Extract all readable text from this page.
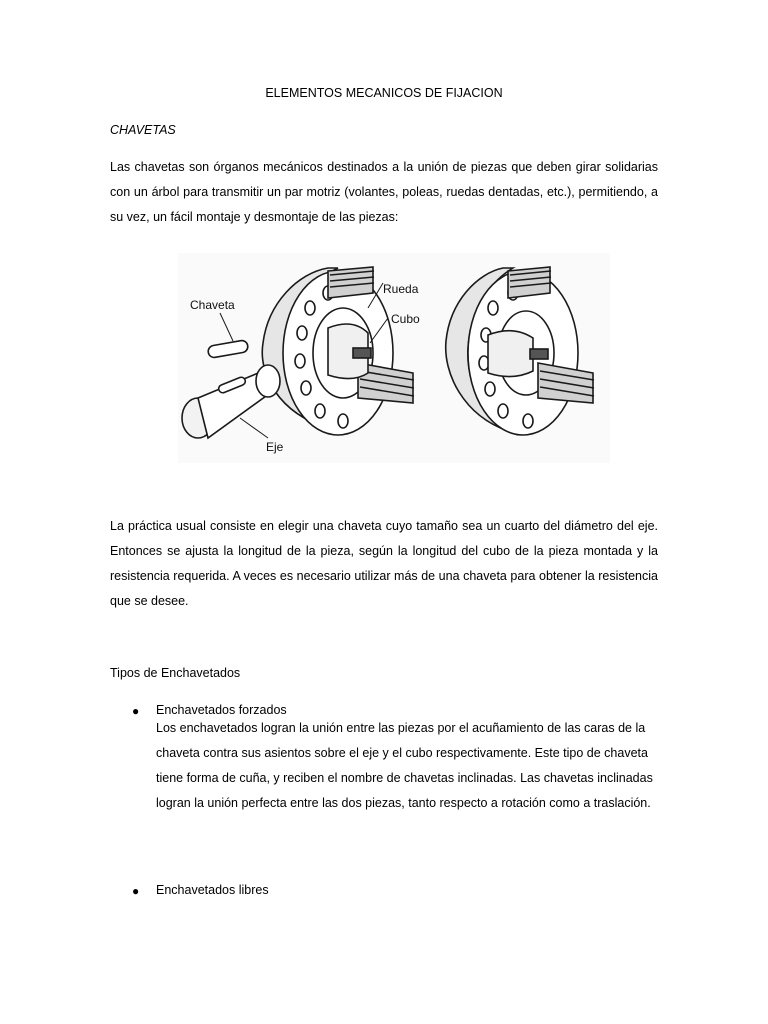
ELEMENTOS MECANICOS DE FIJACION
CHAVETAS

Las chavetas son órganos mecánicos destinados a la unión de piezas que deben girar solidarias con un árbol para transmitir un par motriz (volantes, poleas, ruedas dentadas, etc.), permitiendo, a su vez, un fácil montaje y desmontaje de las piezas:

Chaveta
Rueda
Cubo
Eje

La práctica usual consiste en elegir una chaveta cuyo tamaño sea un cuarto del diámetro del eje. Entonces se ajusta la longitud de la pieza, según la longitud del cubo de la pieza montada y la resistencia requerida. A veces es necesario utilizar más de una chaveta para obtener la resistencia que se desee.

Tipos de Enchavetados
● Enchavetados forzados

Los enchavetados logran la unión entre las piezas por el acuñamiento de las caras de la chaveta contra sus asientos sobre el eje y el cubo respectivamente. Este tipo de chaveta tiene forma de cuña, y reciben el nombre de chavetas inclinadas. Las chavetas inclinadas logran la unión perfecta entre las dos piezas, tanto respecto a rotación como a traslación.

● Enchavetados libres
